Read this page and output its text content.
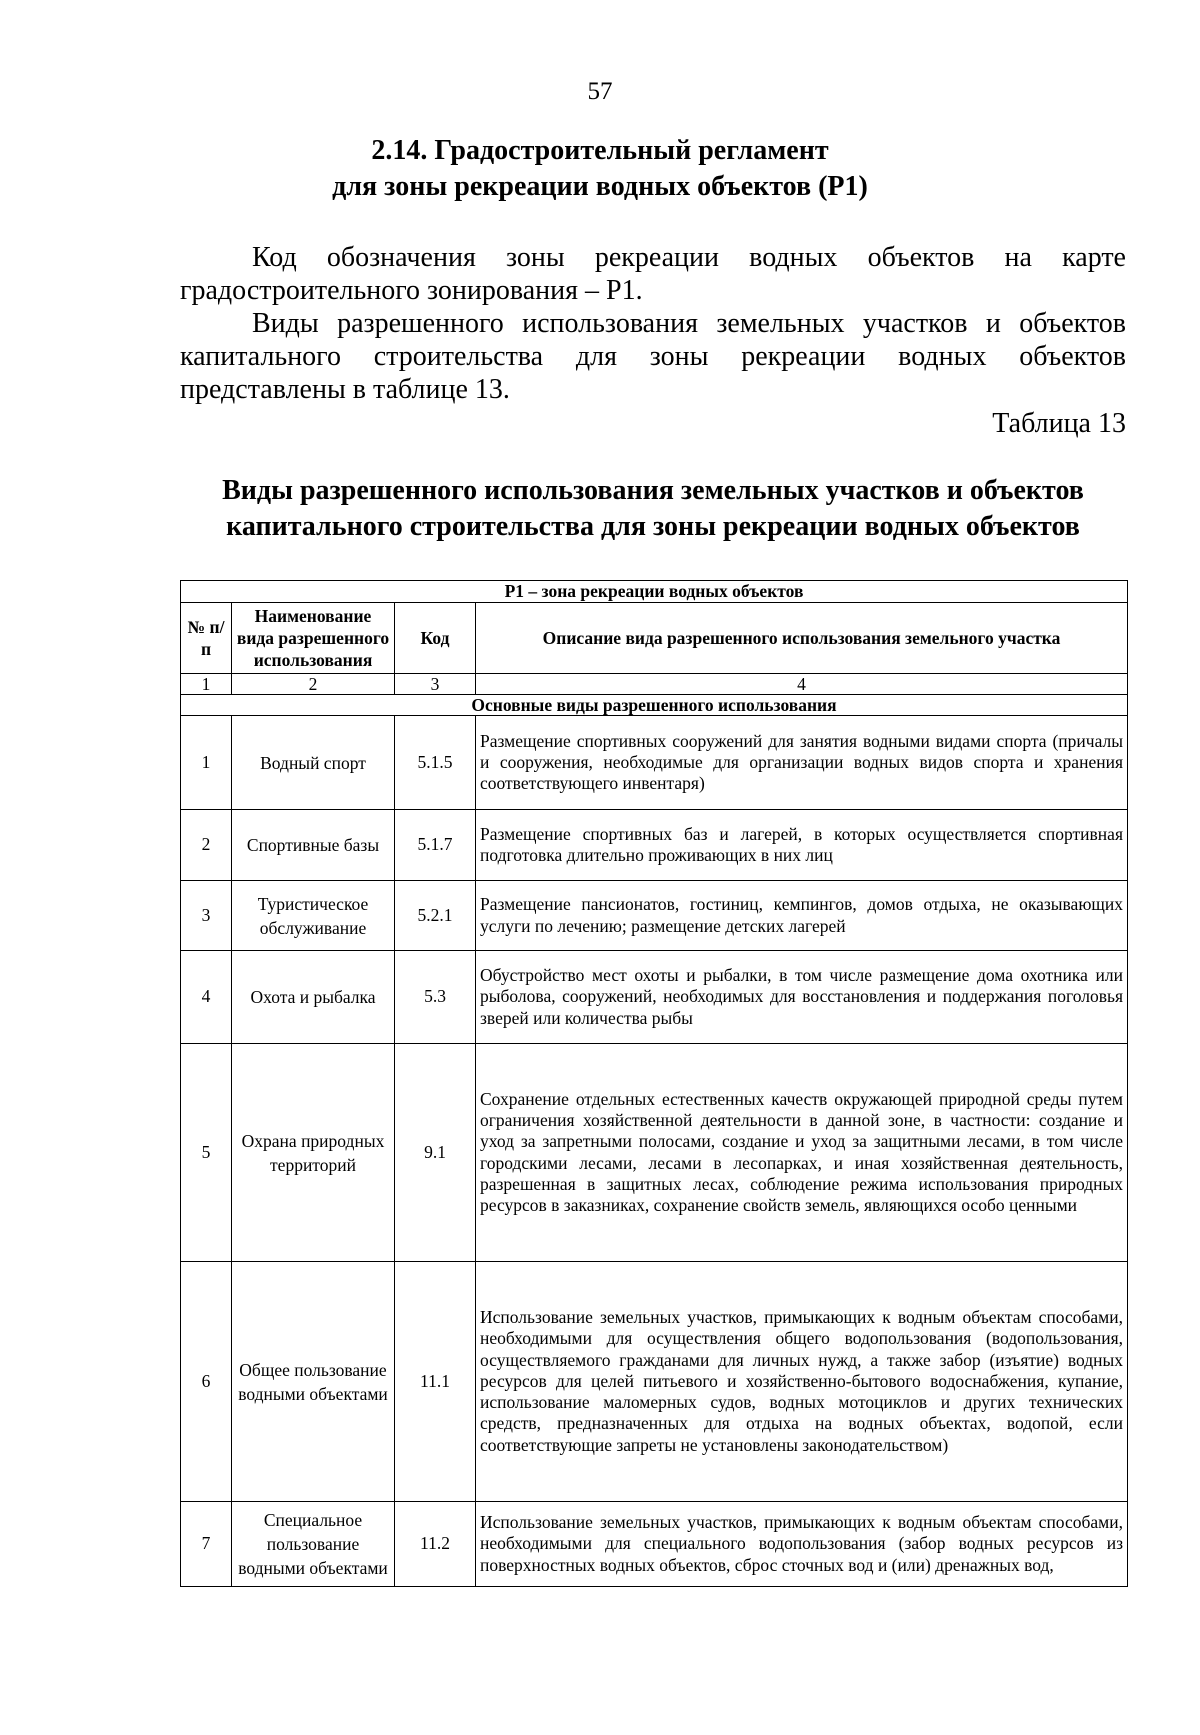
57
2.14. Градостроительный регламент
для зоны рекреации водных объектов (Р1)

Код обозначения зоны рекреации водных объектов на карте градостроительного зонирования – Р1.

Виды разрешенного использования земельных участков и объектов капитального строительства для зоны рекреации водных объектов представлены в таблице 13.

Таблица 13
Виды разрешенного использования земельных участков и объектов
капитального строительства для зоны рекреации водных объектов
Р1 – зона рекреации водных объектов			
№ п/п	Наименование вида разрешенного использования	Код	Описание вида разрешенного использования земельного участка
1	2	3	4
Основные виды разрешенного использования			
1	Водный спорт	5.1.5	Размещение спортивных сооружений для занятия водными видами спорта (причалы и сооружения, необходимые для организации водных видов спорта и хранения соответствующего инвентаря)
2	Спортивные базы	5.1.7	Размещение спортивных баз и лагерей, в которых осуществляется спортивная подготовка длительно проживающих в них лиц
3	Туристическое обслуживание	5.2.1	Размещение пансионатов, гостиниц, кемпингов, домов отдыха, не оказывающих услуги по лечению; размещение детских лагерей
4	Охота и рыбалка	5.3	Обустройство мест охоты и рыбалки, в том числе размещение дома охотника или рыболова, сооружений, необходимых для восстановления и поддержания поголовья зверей или количества рыбы
5	Охрана природных территорий	9.1	Сохранение отдельных естественных качеств окружающей природной среды путем ограничения хозяйственной деятельности в данной зоне, в частности: создание и уход за запретными полосами, создание и уход за защитными лесами, в том числе городскими лесами, лесами в лесопарках, и иная хозяйственная деятельность, разрешенная в защитных лесах, соблюдение режима использования природных ресурсов в заказниках, сохранение свойств земель, являющихся особо ценными
6	Общее пользование водными объектами	11.1	Использование земельных участков, примыкающих к водным объектам способами, необходимыми для осуществления общего водопользования (водопользования, осуществляемого гражданами для личных нужд, а также забор (изъятие) водных ресурсов для целей питьевого и хозяйственно-бытового водоснабжения, купание, использование маломерных судов, водных мотоциклов и других технических средств, предназначенных для отдыха на водных объектах, водопой, если соответствующие запреты не установлены законодательством)
7	Специальное пользование водными объектами	11.2	Использование земельных участков, примыкающих к водным объектам способами, необходимыми для специального водопользования (забор водных ресурсов из поверхностных водных объектов, сброс сточных вод и (или) дренажных вод,
